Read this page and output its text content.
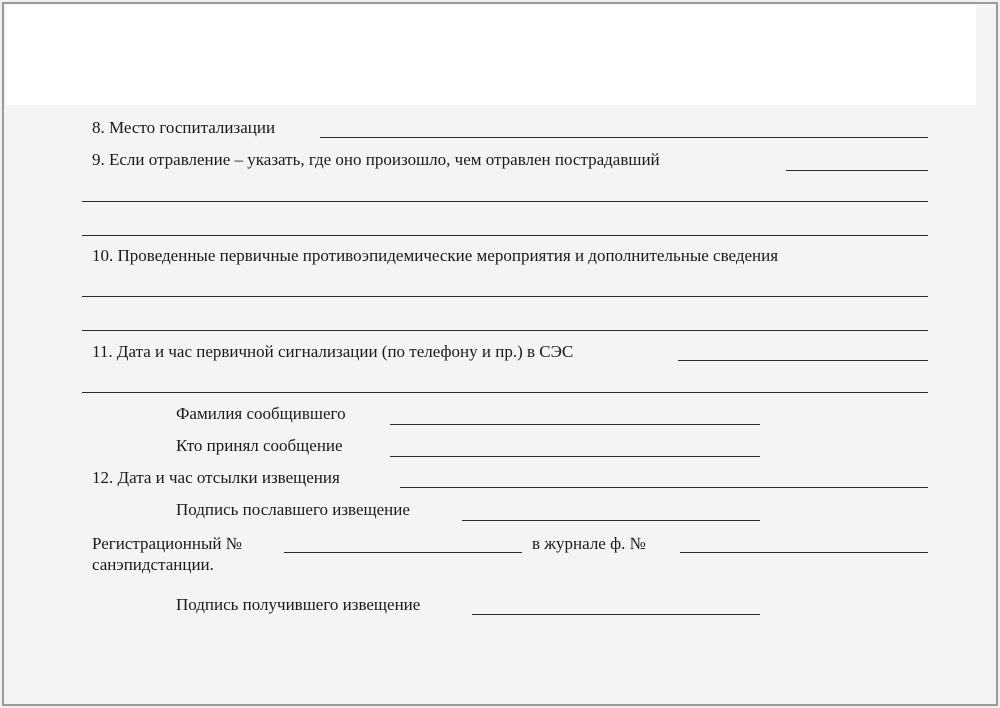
8. Место госпитализации
9. Если отравление – указать, где оно произошло, чем отравлен пострадавший
10. Проведенные первичные противоэпидемические мероприятия и дополнительные сведения
11. Дата и час первичной сигнализации (по телефону и пр.) в СЭС
Фамилия сообщившего
Кто принял сообщение
12. Дата и час отсылки извещения
Подпись пославшего извещение
Регистрационный №	в журнале ф. №
санэпидстанции.
Подпись получившего извещение
